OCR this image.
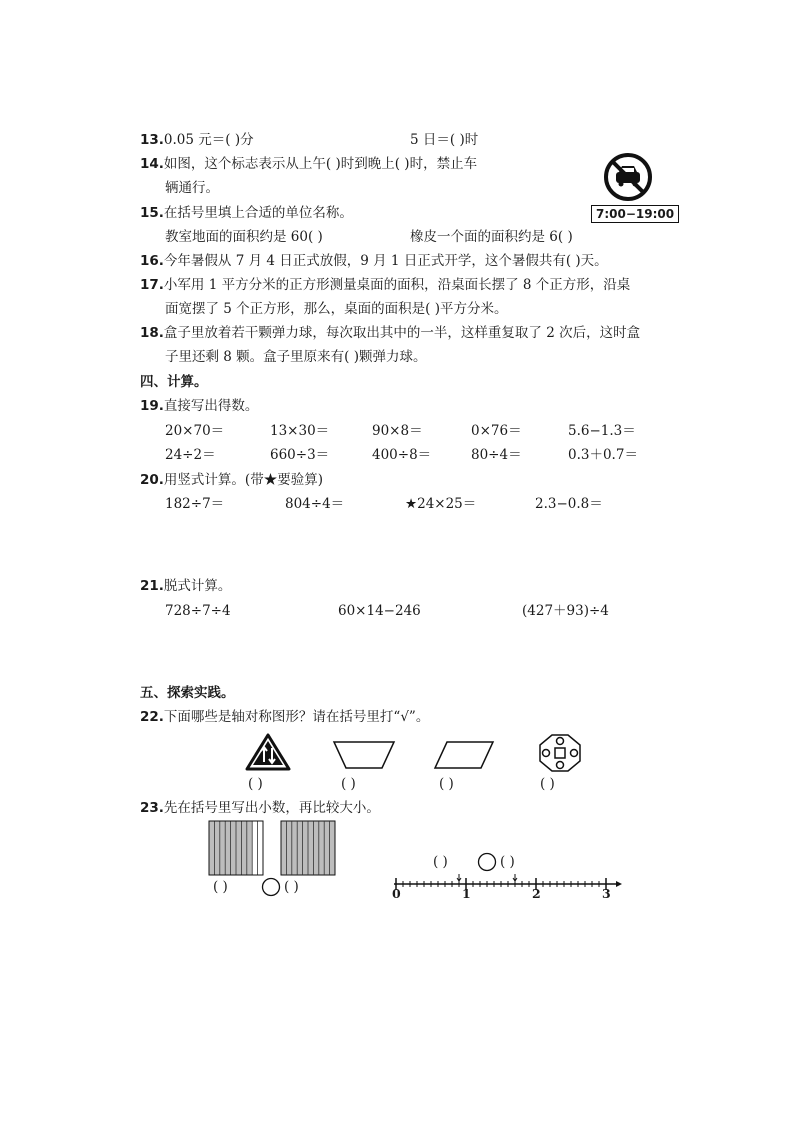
13.0.05 元＝( )分	5 日＝( )时
14.如图，这个标志表示从上午( )时到晚上( )时，禁止车
辆通行。
7:00−19:00
15.在括号里填上合适的单位名称。
教室地面的面积约是 60( )	橡皮一个面的面积约是 6( )
16.今年暑假从 7 月 4 日正式放假，9 月 1 日正式开学，这个暑假共有( )天。
17.小军用 1 平方分米的正方形测量桌面的面积，沿桌面长摆了 8 个正方形，沿桌
面宽摆了 5 个正方形，那么，桌面的面积是( )平方分米。
18.盒子里放着若干颗弹力球，每次取出其中的一半，这样重复取了 2 次后，这时盒
子里还剩 8 颗。盒子里原来有( )颗弹力球。
四、计算。
19.直接写出得数。
20×70＝	13×30＝	90×8＝	0×76＝	5.6−1.3＝
24÷2＝	660÷3＝	400÷8＝	80÷4＝	0.3＋0.7＝
20.用竖式计算。(带★要验算)
182÷7＝	804÷4＝	★24×25＝	2.3−0.8＝
21.脱式计算。
728÷7÷4	60×14−246	(427＋93)÷4
五、探索实践。
22.下面哪些是轴对称图形？请在括号里打“√”。
( )	( )	( )	( )
23.先在括号里写出小数，再比较大小。
( )	( )
( )	( )
0	1	2	3
